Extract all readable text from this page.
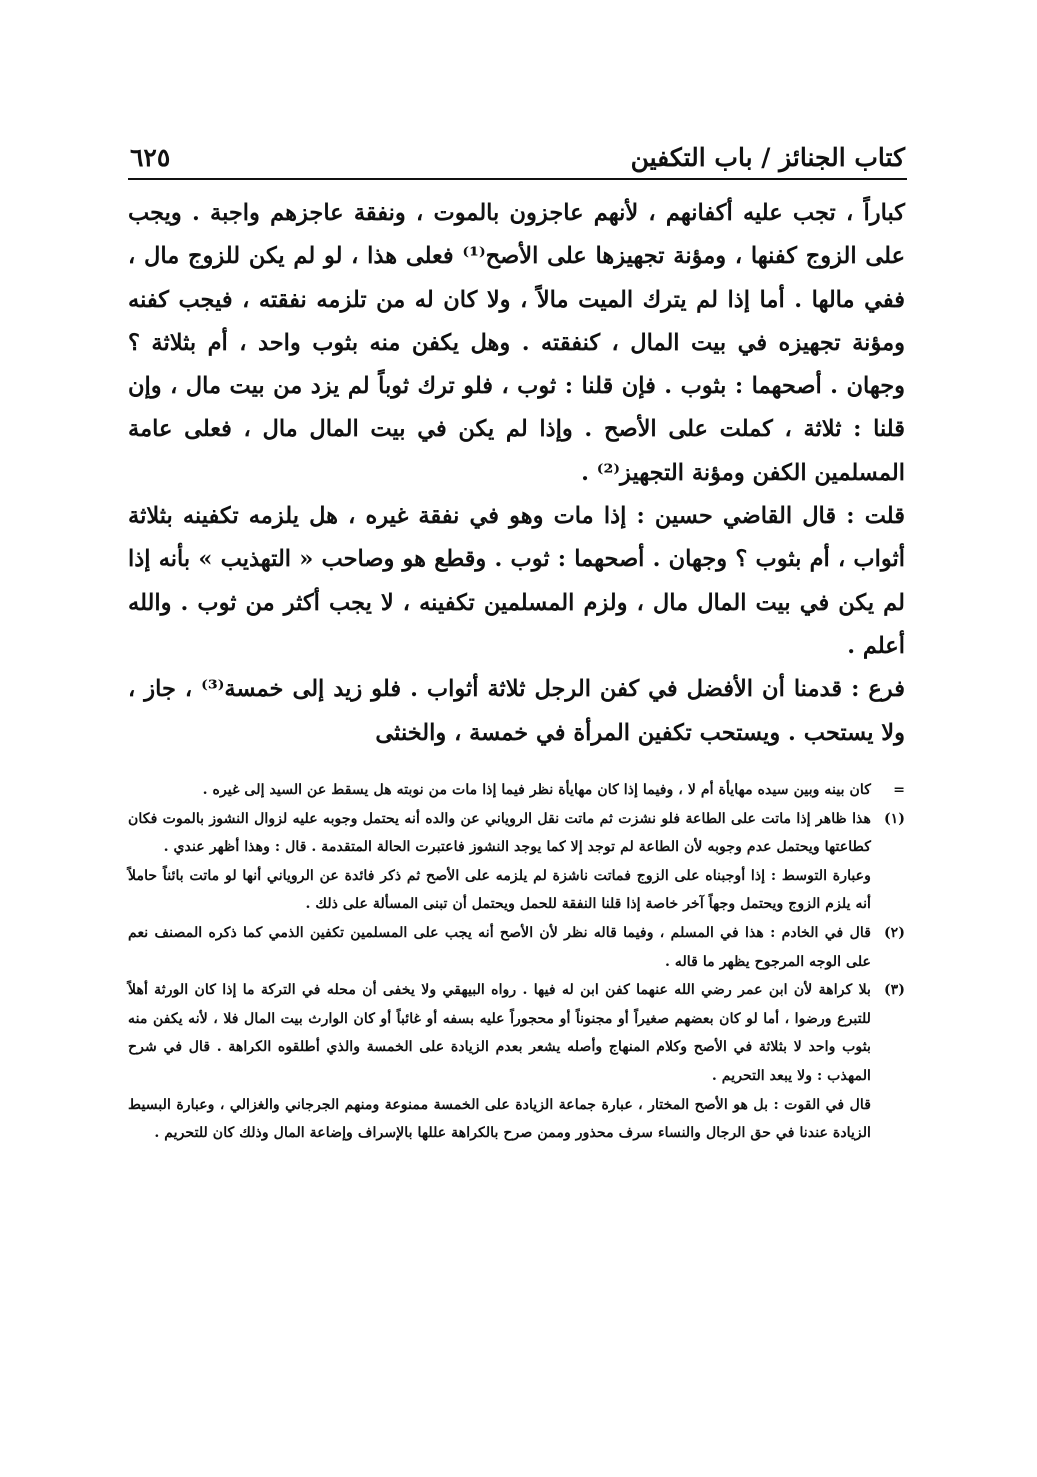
كتاب الجنائز / باب التكفين
٦٢٥

كباراً ، تجب عليه أكفانهم ، لأنهم عاجزون بالموت ، ونفقة عاجزهم واجبة . ويجب على الزوج كفنها ، ومؤنة تجهيزها على الأصح⁽¹⁾ فعلى هذا ، لو لم يكن للزوج مال ، ففي مالها . أما إذا لم يترك الميت مالاً ، ولا كان له من تلزمه نفقته ، فيجب كفنه ومؤنة تجهيزه في بيت المال ، كنفقته . وهل يكفن منه بثوب واحد ، أم بثلاثة ؟ وجهان . أصحهما : بثوب . فإن قلنا : ثوب ، فلو ترك ثوباً لم يزد من بيت مال ، وإن قلنا : ثلاثة ، كملت على الأصح . وإذا لم يكن في بيت المال مال ، فعلى عامة المسلمين الكفن ومؤنة التجهيز⁽²⁾ .

قلت : قال القاضي حسين : إذا مات وهو في نفقة غيره ، هل يلزمه تكفينه بثلاثة أثواب ، أم بثوب ؟ وجهان . أصحهما : ثوب . وقطع هو وصاحب « التهذيب » بأنه إذا لم يكن في بيت المال مال ، ولزم المسلمين تكفينه ، لا يجب أكثر من ثوب . والله أعلم .

فرع : قدمنا أن الأفضل في كفن الرجل ثلاثة أثواب . فلو زيد إلى خمسة⁽³⁾ ، جاز ، ولا يستحب . ويستحب تكفين المرأة في خمسة ، والخنثى

=

كان بينه وبين سيده مهايأة أم لا ، وفيما إذا كان مهايأة نظر فيما إذا مات من نوبته هل يسقط عن السيد إلى غيره .

(١)

هذا ظاهر إذا ماتت على الطاعة فلو نشزت ثم ماتت نقل الروياني عن والده أنه يحتمل وجوبه عليه لزوال النشوز بالموت فكان كطاعتها ويحتمل عدم وجوبه لأن الطاعة لم توجد إلا كما يوجد النشوز فاعتبرت الحالة المتقدمة . قال : وهذا أظهر عندي .

وعبارة التوسط : إذا أوجبناه على الزوج فماتت ناشزة لم يلزمه على الأصح ثم ذكر فائدة عن الروياني أنها لو ماتت بائناً حاملاً أنه يلزم الزوج ويحتمل وجهاً آخر خاصة إذا قلنا النفقة للحمل ويحتمل أن تبنى المسألة على ذلك .

(٢)

قال في الخادم : هذا في المسلم ، وفيما قاله نظر لأن الأصح أنه يجب على المسلمين تكفين الذمي كما ذكره المصنف نعم على الوجه المرجوح يظهر ما قاله .

(٣)

بلا كراهة لأن ابن عمر رضي الله عنهما كفن ابن له فيها . رواه البيهقي ولا يخفى أن محله في التركة ما إذا كان الورثة أهلاً للتبرع ورضوا ، أما لو كان بعضهم صغيراً أو مجنوناً أو محجوراً عليه بسفه أو غائباً أو كان الوارث بيت المال فلا ، لأنه يكفن منه بثوب واحد لا بثلاثة في الأصح وكلام المنهاج وأصله يشعر بعدم الزيادة على الخمسة والذي أطلقوه الكراهة . قال في شرح المهذب : ولا يبعد التحريم .

قال في القوت : بل هو الأصح المختار ، عبارة جماعة الزيادة على الخمسة ممنوعة ومنهم الجرجاني والغزالي ، وعبارة البسيط الزيادة عندنا في حق الرجال والنساء سرف محذور وممن صرح بالكراهة عللها بالإسراف وإضاعة المال وذلك كان للتحريم .
